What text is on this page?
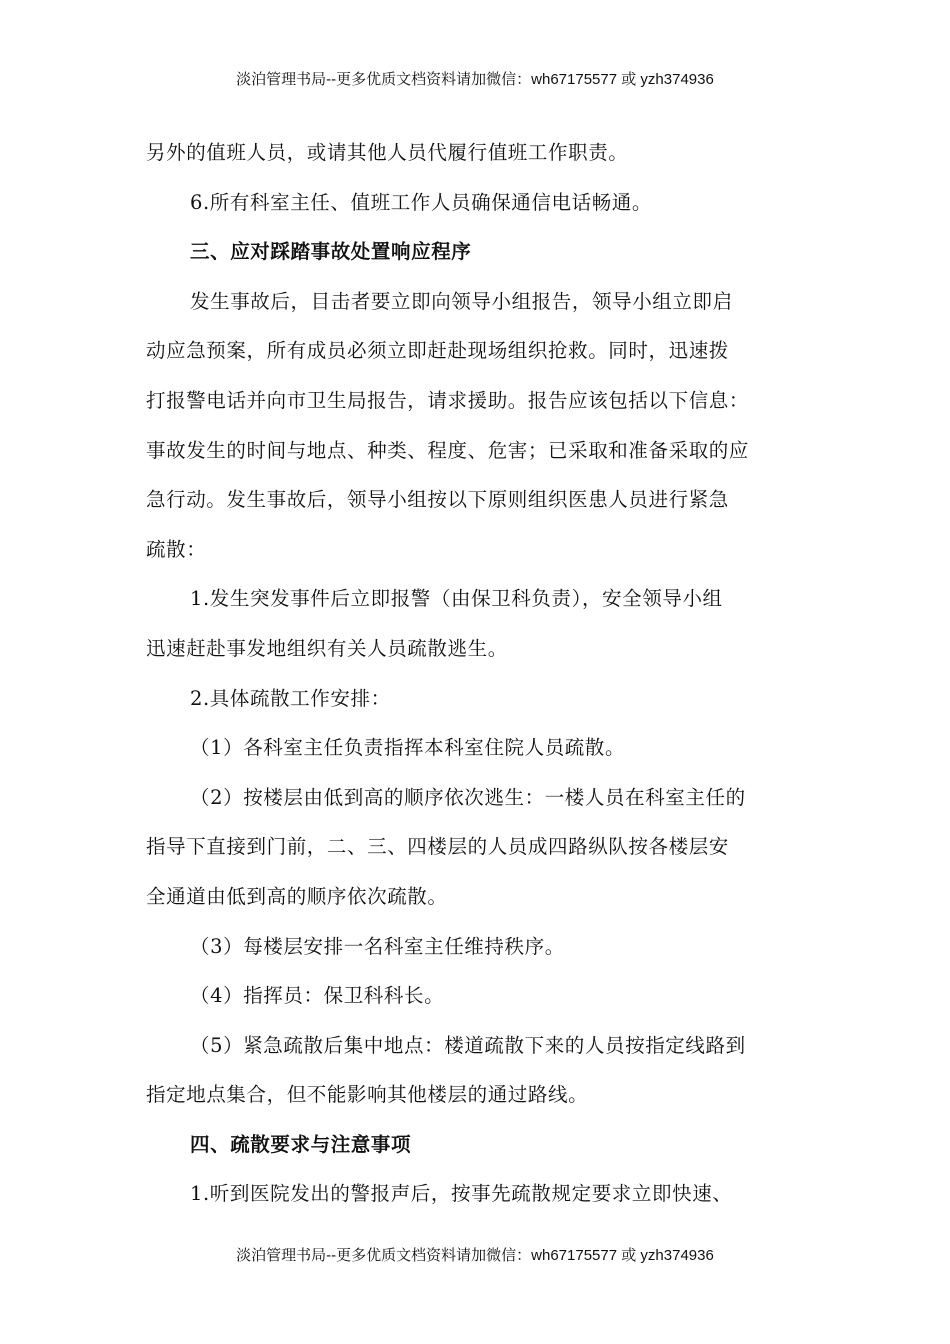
淡泊管理书局--更多优质文档资料请加微信：wh67175577 或 yzh374936
另外的值班人员，或请其他人员代履行值班工作职责。
6.所有科室主任、值班工作人员确保通信电话畅通。
三、应对踩踏事故处置响应程序
发生事故后，目击者要立即向领导小组报告，领导小组立即启
动应急预案，所有成员必须立即赶赴现场组织抢救。同时，迅速拨
打报警电话并向市卫生局报告，请求援助。报告应该包括以下信息：
事故发生的时间与地点、种类、程度、危害；已采取和准备采取的应
急行动。发生事故后，领导小组按以下原则组织医患人员进行紧急
疏散：
1.发生突发事件后立即报警（由保卫科负责），安全领导小组
迅速赶赴事发地组织有关人员疏散逃生。
2.具体疏散工作安排：
（1）各科室主任负责指挥本科室住院人员疏散。
（2）按楼层由低到高的顺序依次逃生：一楼人员在科室主任的
指导下直接到门前，二、三、四楼层的人员成四路纵队按各楼层安
全通道由低到高的顺序依次疏散。
（3）每楼层安排一名科室主任维持秩序。
（4）指挥员：保卫科科长。
（5）紧急疏散后集中地点：楼道疏散下来的人员按指定线路到
指定地点集合，但不能影响其他楼层的通过路线。
四、疏散要求与注意事项
1.听到医院发出的警报声后，按事先疏散规定要求立即快速、
淡泊管理书局--更多优质文档资料请加微信：wh67175577 或 yzh374936
